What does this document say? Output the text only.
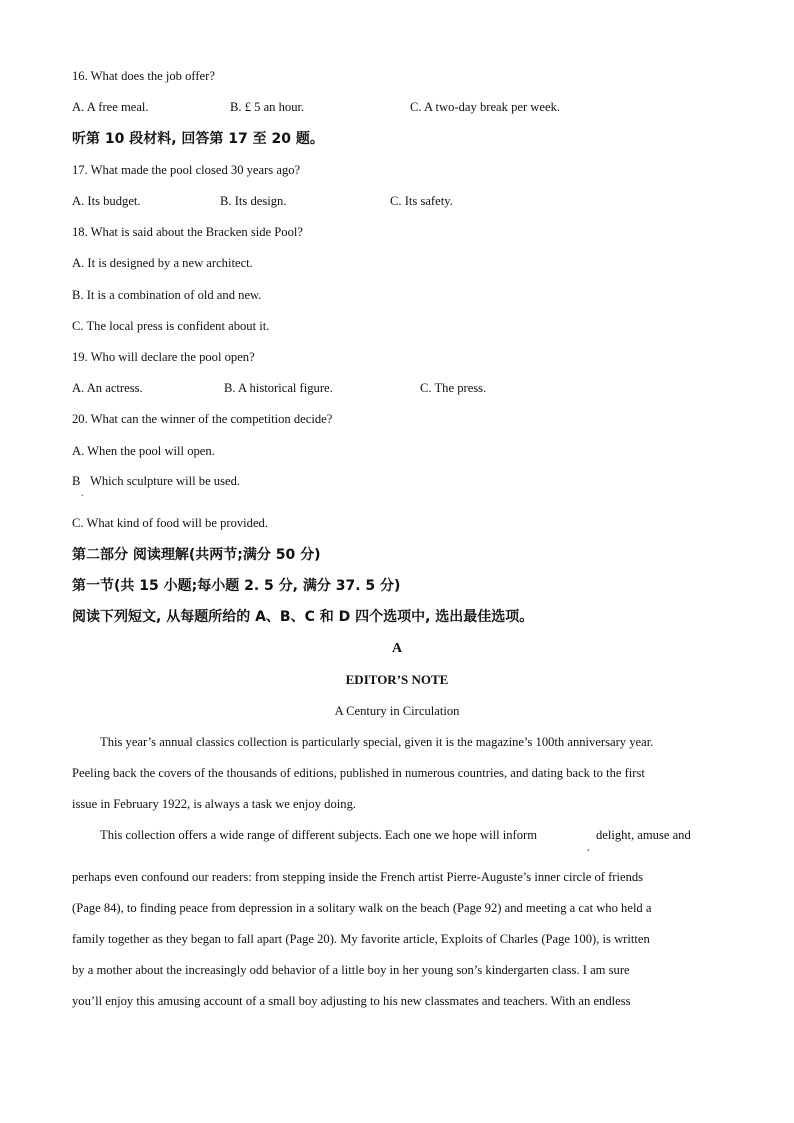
16. What does the job offer?
A. A free meal.	B. £ 5 an hour.	C. A two-day break per week.
听第 10 段材料, 回答第 17 至 20 题。
17. What made the pool closed 30 years ago?
A. Its budget.	B. Its design.	C. Its safety.
18. What is said about the Bracken side Pool?
A. It is designed by a new architect.
B. It is a combination of old and new.
C. The local press is confident about it.
19. Who will declare the pool open?
A. An actress.	B. A historical figure.	C. The press.
20. What can the winner of the competition decide?
A. When the pool will open.
B
.
Which sculpture will be used.
C. What kind of food will be provided.
第二部分 阅读理解(共两节;满分 50 分)
第一节(共 15 小题;每小题 2. 5 分, 满分 37. 5 分)
阅读下列短文, 从每题所给的 A、B、C 和 D 四个选项中, 选出最佳选项。
A
EDITOR’S NOTE
A Century in Circulation
This year’s annual classics collection is particularly special, given it is the magazine’s 100th anniversary year.
Peeling back the covers of the thousands of editions, published in numerous countries, and dating back to the first
issue in February 1922, is always a task we enjoy doing.
This collection offers a wide range of different subjects. Each one we hope will inform
,
delight, amuse and
perhaps even confound our readers: from stepping inside the French artist Pierre-Auguste’s inner circle of friends
(Page 84), to finding peace from depression in a solitary walk on the beach (Page 92) and meeting a cat who held a
family together as they began to fall apart (Page 20). My favorite article, Exploits of Charles (Page 100), is written
by a mother about the increasingly odd behavior of a little boy in her young son’s kindergarten class. I am sure
you’ll enjoy this amusing account of a small boy adjusting to his new classmates and teachers. With an endless
